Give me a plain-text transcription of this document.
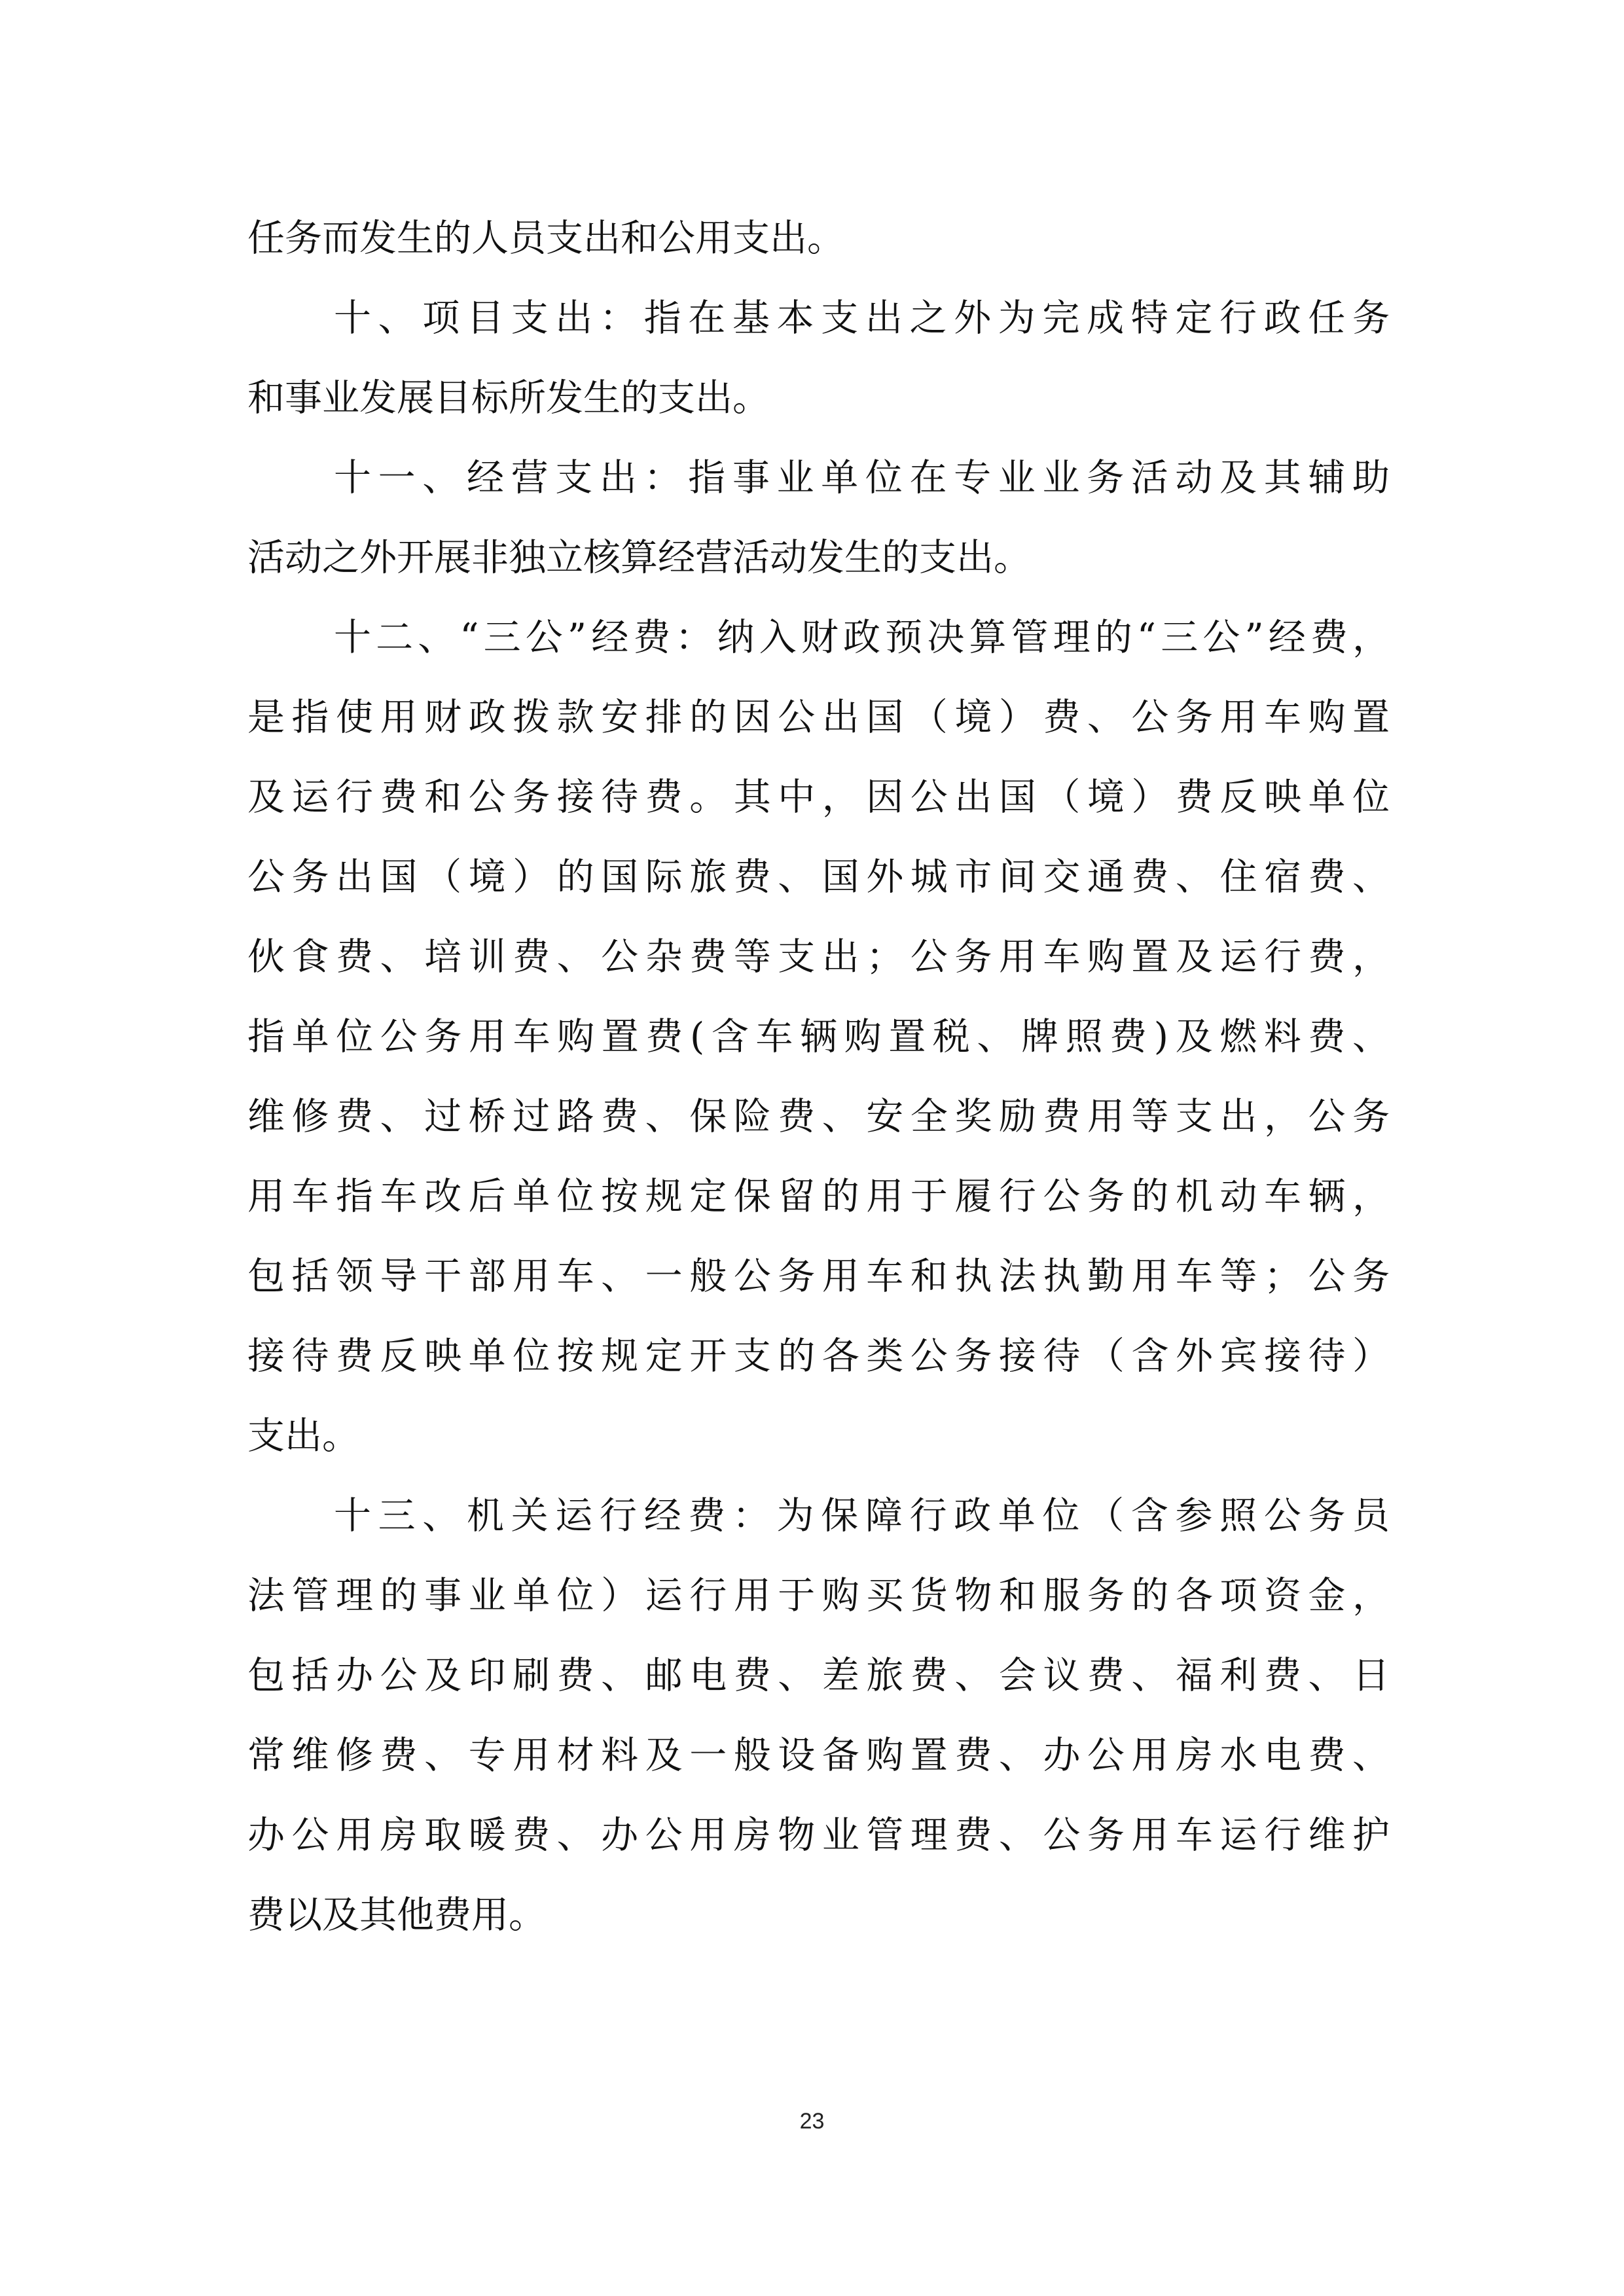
任务而发生的人员支出和公用支出。
十、项目支出：指在基本支出之外为完成特定行政任务
和事业发展目标所发生的支出。
十一、经营支出：指事业单位在专业业务活动及其辅助
活动之外开展非独立核算经营活动发生的支出。
十二、“三公”经费：纳入财政预决算管理的“三公”经费，
是指使用财政拨款安排的因公出国（境）费、公务用车购置
及运行费和公务接待费。其中，因公出国（境）费反映单位
公务出国（境）的国际旅费、国外城市间交通费、住宿费、
伙食费、培训费、公杂费等支出；公务用车购置及运行费，
指单位公务用车购置费(含车辆购置税、牌照费)及燃料费、
维修费、过桥过路费、保险费、安全奖励费用等支出，公务
用车指车改后单位按规定保留的用于履行公务的机动车辆，
包括领导干部用车、一般公务用车和执法执勤用车等；公务
接待费反映单位按规定开支的各类公务接待（含外宾接待）
支出。
十三、机关运行经费：为保障行政单位（含参照公务员
法管理的事业单位）运行用于购买货物和服务的各项资金，
包括办公及印刷费、邮电费、差旅费、会议费、福利费、日
常维修费、专用材料及一般设备购置费、办公用房水电费、
办公用房取暖费、办公用房物业管理费、公务用车运行维护
费以及其他费用。
23
